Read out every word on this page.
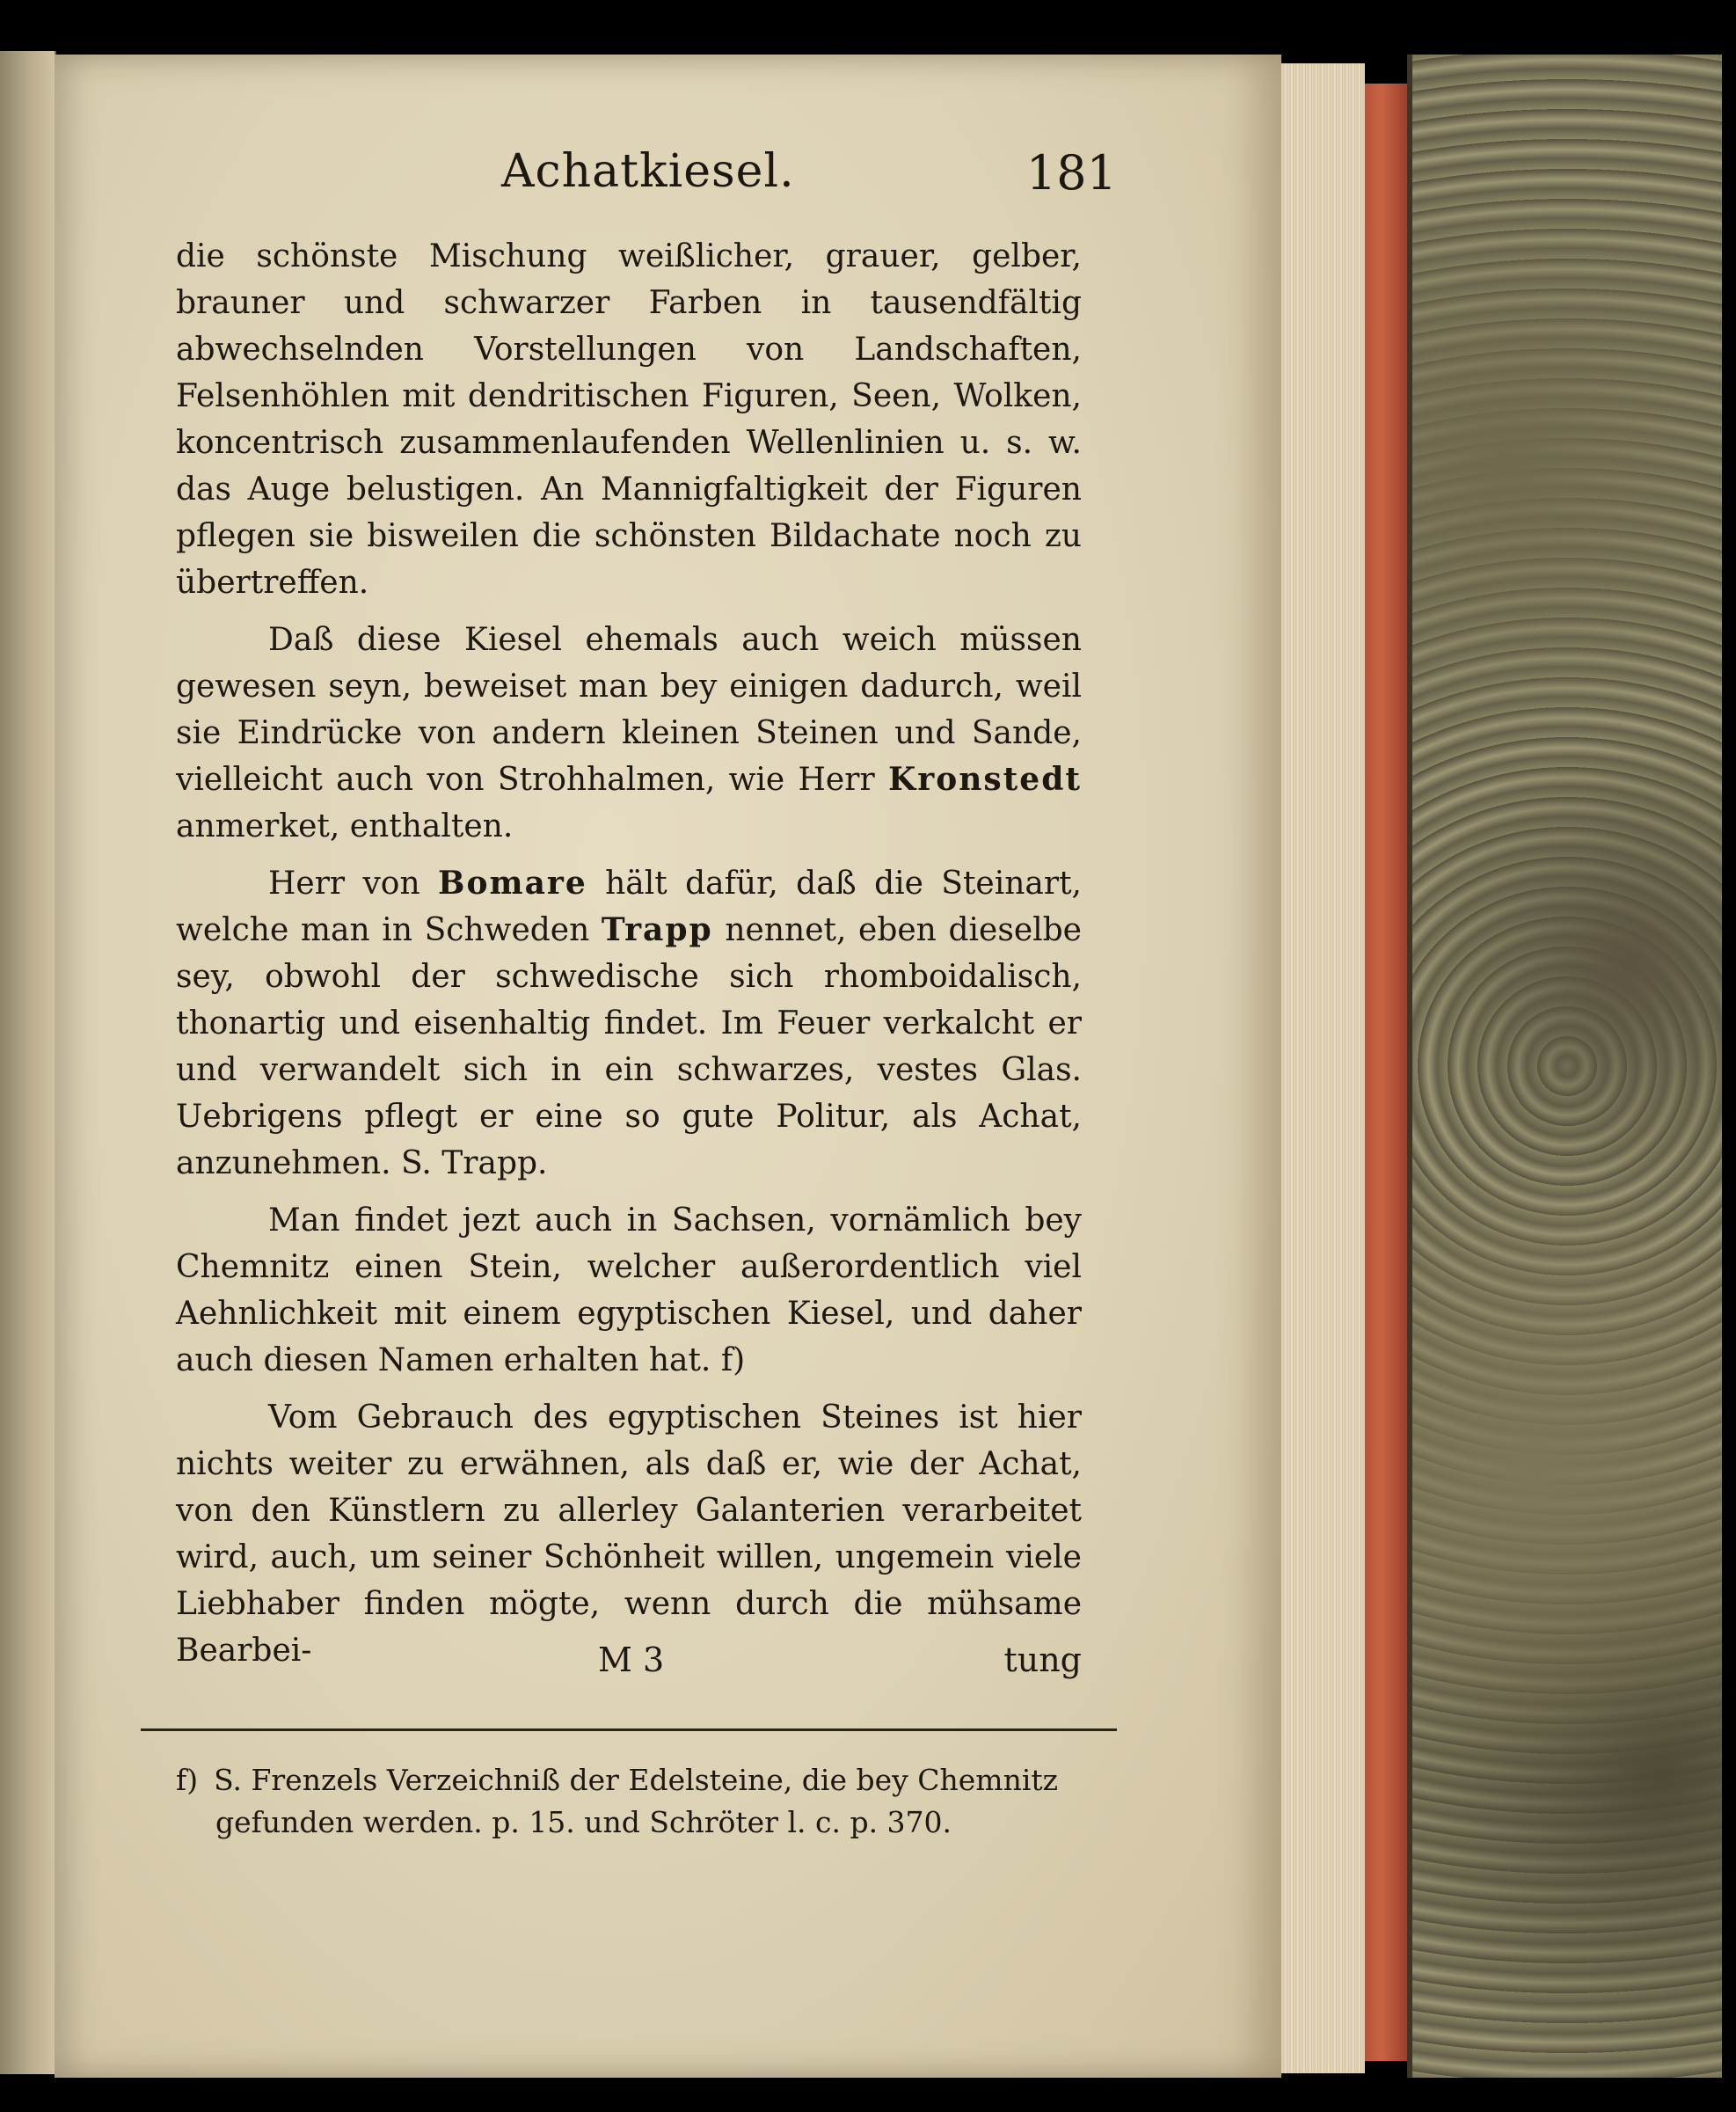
Achatkiesel.	181

die schönste Mischung weißlicher, grauer, gelber, brauner und schwarzer Farben in tausendfältig abwechselnden Vorstellungen von Landschaften, Felsenhöhlen mit dendritischen Figuren, Seen, Wolken, koncentrisch zusammenlaufenden Wellenlinien u. s. w. das Auge belustigen. An Mannigfaltigkeit der Figuren pflegen sie bisweilen die schönsten Bildachate noch zu übertreffen.

Daß diese Kiesel ehemals auch weich müssen gewesen seyn, beweiset man bey einigen dadurch, weil sie Eindrücke von andern kleinen Steinen und Sande, vielleicht auch von Strohhalmen, wie Herr Kronstedt anmerket, enthalten.

Herr von Bomare hält dafür, daß die Steinart, welche man in Schweden Trapp nennet, eben dieselbe sey, obwohl der schwedische sich rhomboidalisch, thonartig und eisenhaltig findet. Im Feuer verkalcht er und verwandelt sich in ein schwarzes, vestes Glas. Uebrigens pflegt er eine so gute Politur, als Achat, anzunehmen. S. Trapp.

Man findet jezt auch in Sachsen, vornämlich bey Chemnitz einen Stein, welcher außerordentlich viel Aehnlichkeit mit einem egyptischen Kiesel, und daher auch diesen Namen erhalten hat. f)

Vom Gebrauch des egyptischen Steines ist hier nichts weiter zu erwähnen, als daß er, wie der Achat, von den Künstlern zu allerley Galanterien verarbeitet wird, auch, um seiner Schönheit willen, ungemein viele Liebhaber finden mögte, wenn durch die mühsame Bearbei-	M 3	tung

f) S. Frenzels Verzeichniß der Edelsteine, die bey Chemnitz

gefunden werden. p. 15. und Schröter l. c. p. 370.
